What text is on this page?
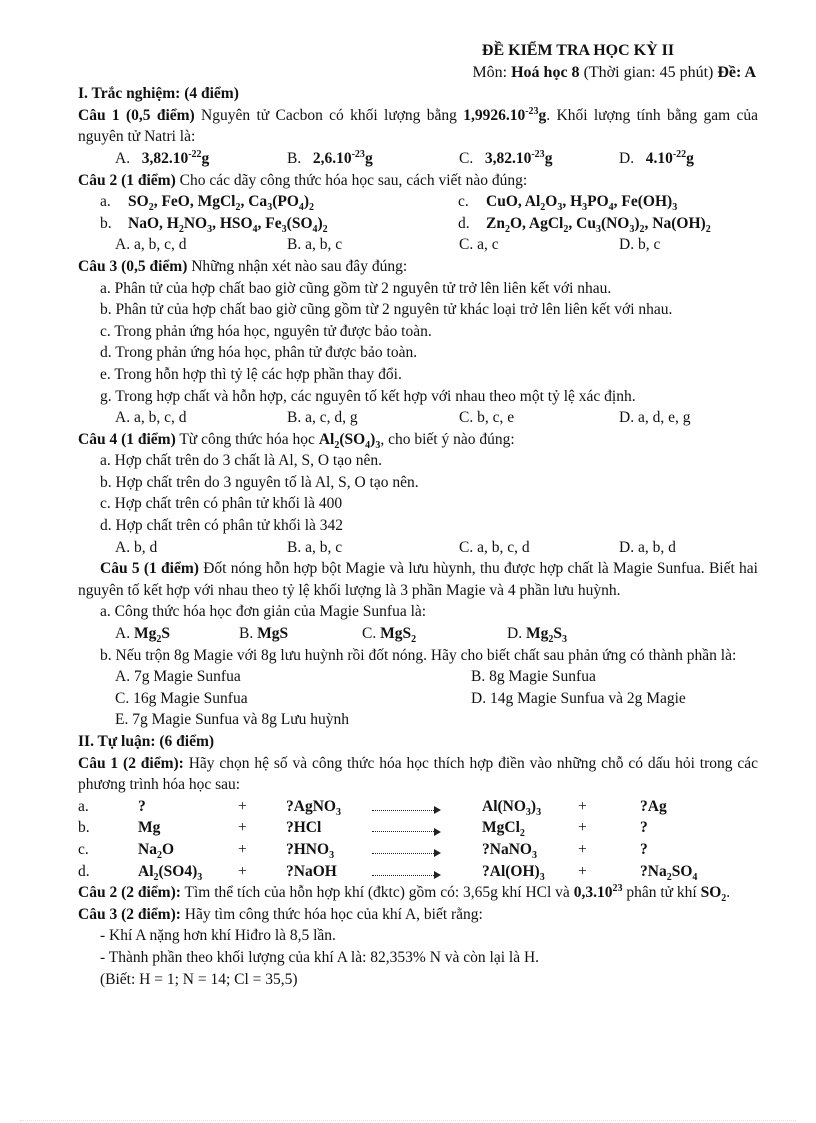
ĐỀ KIỂM TRA HỌC KỲ II
Môn: Hoá học 8 (Thời gian: 45 phút) Đề: A
I. Trắc nghiệm: (4 điểm)
Câu 1 (0,5 điểm) Nguyên tử Cacbon có khối lượng bằng $1,9926.10^{-23}g$. Khối lượng tính bằng gam của nguyên tử Natri là:
A. $3,82.10^{-22}g$	B. $2,6.10^{-23}g$	C. $3,82.10^{-23}g$	D. $4.10^{-22}g$
Câu 2 (1 điểm) Cho các dãy công thức hóa học sau, cách viết nào đúng:
a.	$SO_2$, FeO, MgCl$_2$, $Ca_3(PO_4)_2$	c.	CuO, $Al_2O_3$, $H_3PO_4$, $Fe(OH)_3$
b.	NaO, $H_2NO_3$, $HSO_4$, $Fe_3(SO_4)_2$	d.	$Zn_2O$, AgCl$_2$, $Cu_3(NO_3)_2$, $Na(OH)_2$
A. a, b, c, d	B. a, b, c	C. a, c	D. b, c
Câu 3 (0,5 điểm) Những nhận xét nào sau đây đúng:
a. Phân tử của hợp chất bao giờ cũng gồm từ 2 nguyên tử trở lên liên kết với nhau.
b. Phân tử của hợp chất bao giờ cũng gồm từ 2 nguyên tử khác loại trở lên liên kết với nhau.
c. Trong phản ứng hóa học, nguyên tử được bảo toàn.
d. Trong phản ứng hóa học, phân tử được bảo toàn.
e. Trong hỗn hợp thì tỷ lệ các hợp phần thay đổi.
g. Trong hợp chất và hỗn hợp, các nguyên tố kết hợp với nhau theo một tỷ lệ xác định.
A. a, b, c, d	B. a, c, d, g	C. b, c, e	D. a, d, e, g
Câu 4 (1 điểm) Từ công thức hóa học $Al_2(SO_4)_3$, cho biết ý nào đúng:
a. Hợp chất trên do 3 chất là Al, S, O tạo nên.
b. Hợp chất trên do 3 nguyên tố là Al, S, O tạo nên.
c. Hợp chất trên có phân tử khối là 400
d. Hợp chất trên có phân tử khối là 342
A. b, d	B. a, b, c	C. a, b, c, d	D. a, b, d
Câu 5 (1 điểm) Đốt nóng hỗn hợp bột Magie và lưu hùynh, thu được hợp chất là Magie Sunfua. Biết hai nguyên tố kết hợp với nhau theo tỷ lệ khối lượng là 3 phần Magie và 4 phần lưu huỳnh.
a. Công thức hóa học đơn giản của Magie Sunfua là:
A. $Mg_2S$	B. MgS	C. MgS$_2$	D. $Mg_2S_3$
b. Nếu trộn 8g Magie với 8g lưu huỳnh rồi đốt nóng. Hãy cho biết chất sau phản ứng có thành phần là:
A. 7g Magie Sunfua	B. 8g Magie Sunfua
C. 16g Magie Sunfua	D. 14g Magie Sunfua và 2g Magie
E. 7g Magie Sunfua và 8g Lưu huỳnh
II. Tự luận: (6 điểm)
Câu 1 (2 điểm): Hãy chọn hệ số và công thức hóa học thích hợp điền vào những chỗ có dấu hỏi trong các phương trình hóa học sau:
a.	?	+	?AgNO$_3$	$Al(NO_3)_3$	+	?Ag
b.	Mg	+	?HCl	MgCl$_2$	+	?
c.	$Na_2O$	+	$?HNO_3$	?NaNO$_3$	+	?
d.	$Al_2(SO4)_3$	+	?NaOH	$?Al(OH)_3$	+	$?Na_2SO_4$
Câu 2 (2 điểm): Tìm thể tích của hỗn hợp khí (đktc) gồm có: 3,65g khí HCl và 0,3.10$^{23}$ phân tử khí $SO_2$.
Câu 3 (2 điểm): Hãy tìm công thức hóa học của khí A, biết rằng:
- Khí A nặng hơn khí Hiđro là 8,5 lần.
- Thành phần theo khối lượng của khí A là: 82,353% N và còn lại là H.
(Biết: H = 1; N = 14; Cl = 35,5)
